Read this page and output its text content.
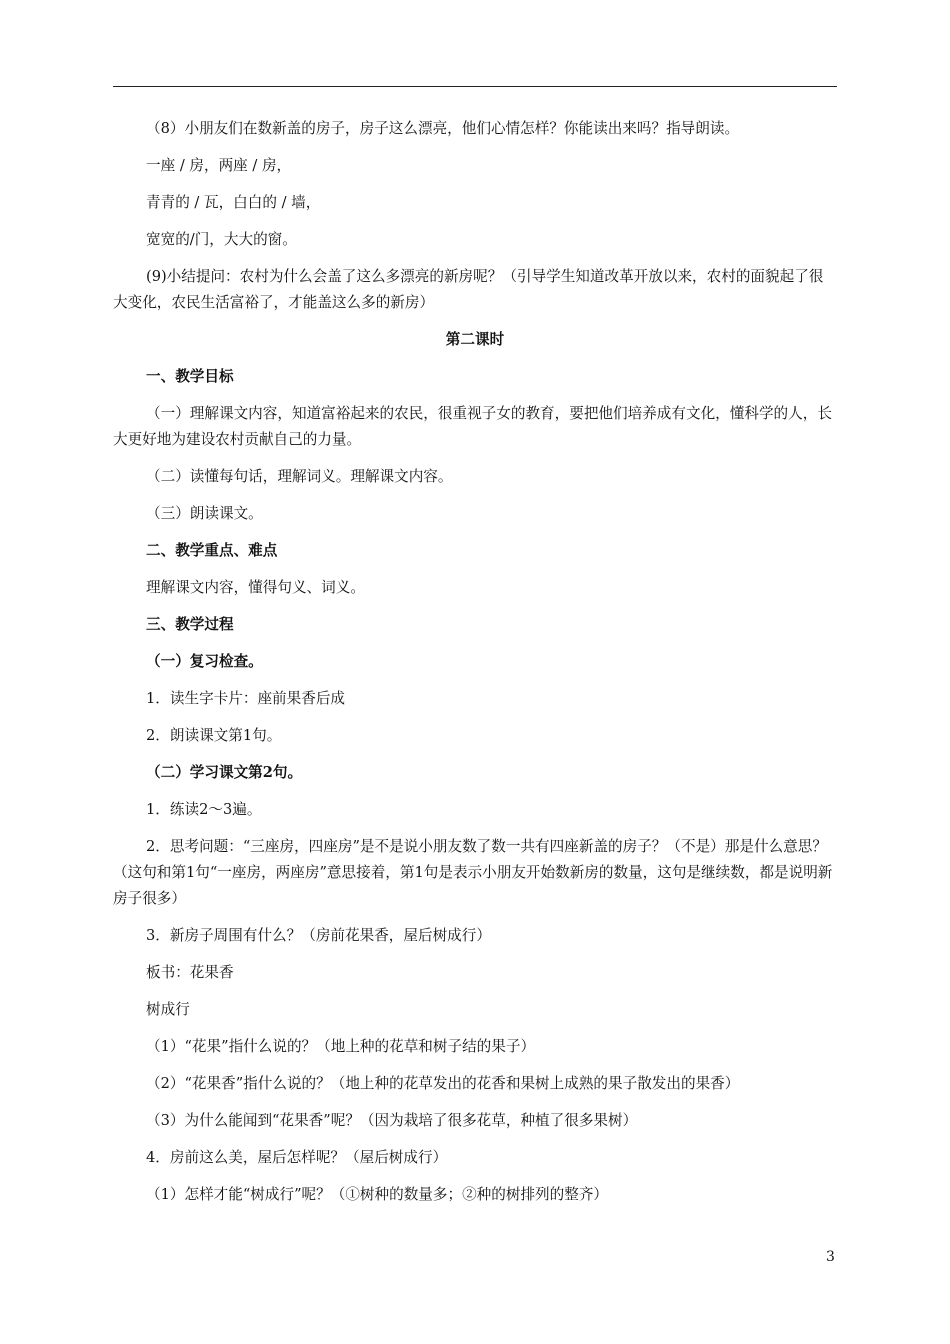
（8）小朋友们在数新盖的房子，房子这么漂亮，他们心情怎样？你能读出来吗？指导朗读。

一座 / 房，两座 / 房，

青青的 / 瓦，白白的 / 墙，

宽宽的/门，大大的窗。

(9)小结提问：农村为什么会盖了这么多漂亮的新房呢？（引导学生知道改革开放以来，农村的面貌起了很大变化，农民生活富裕了，才能盖这么多的新房）

第二课时

一、教学目标

（一）理解课文内容，知道富裕起来的农民，很重视子女的教育，要把他们培养成有文化，懂科学的人，长大更好地为建设农村贡献自己的力量。

（二）读懂每句话，理解词义。理解课文内容。

（三）朗读课文。

二、教学重点、难点

理解课文内容，懂得句义、词义。

三、教学过程

（一）复习检查。

1．读生字卡片：座前果香后成

2．朗读课文第1句。

（二）学习课文第2句。

1．练读2～3遍。

2．思考问题：“三座房，四座房”是不是说小朋友数了数一共有四座新盖的房子？（不是）那是什么意思？（这句和第1句“一座房，两座房”意思接着，第1句是表示小朋友开始数新房的数量，这句是继续数，都是说明新房子很多）

3．新房子周围有什么？（房前花果香，屋后树成行）

板书：花果香

树成行

（1）“花果”指什么说的？（地上种的花草和树子结的果子）

（2）“花果香”指什么说的？（地上种的花草发出的花香和果树上成熟的果子散发出的果香）

（3）为什么能闻到“花果香”呢？（因为栽培了很多花草，种植了很多果树）

4．房前这么美，屋后怎样呢？（屋后树成行）

（1）怎样才能“树成行”呢？（①树种的数量多；②种的树排列的整齐）

3
